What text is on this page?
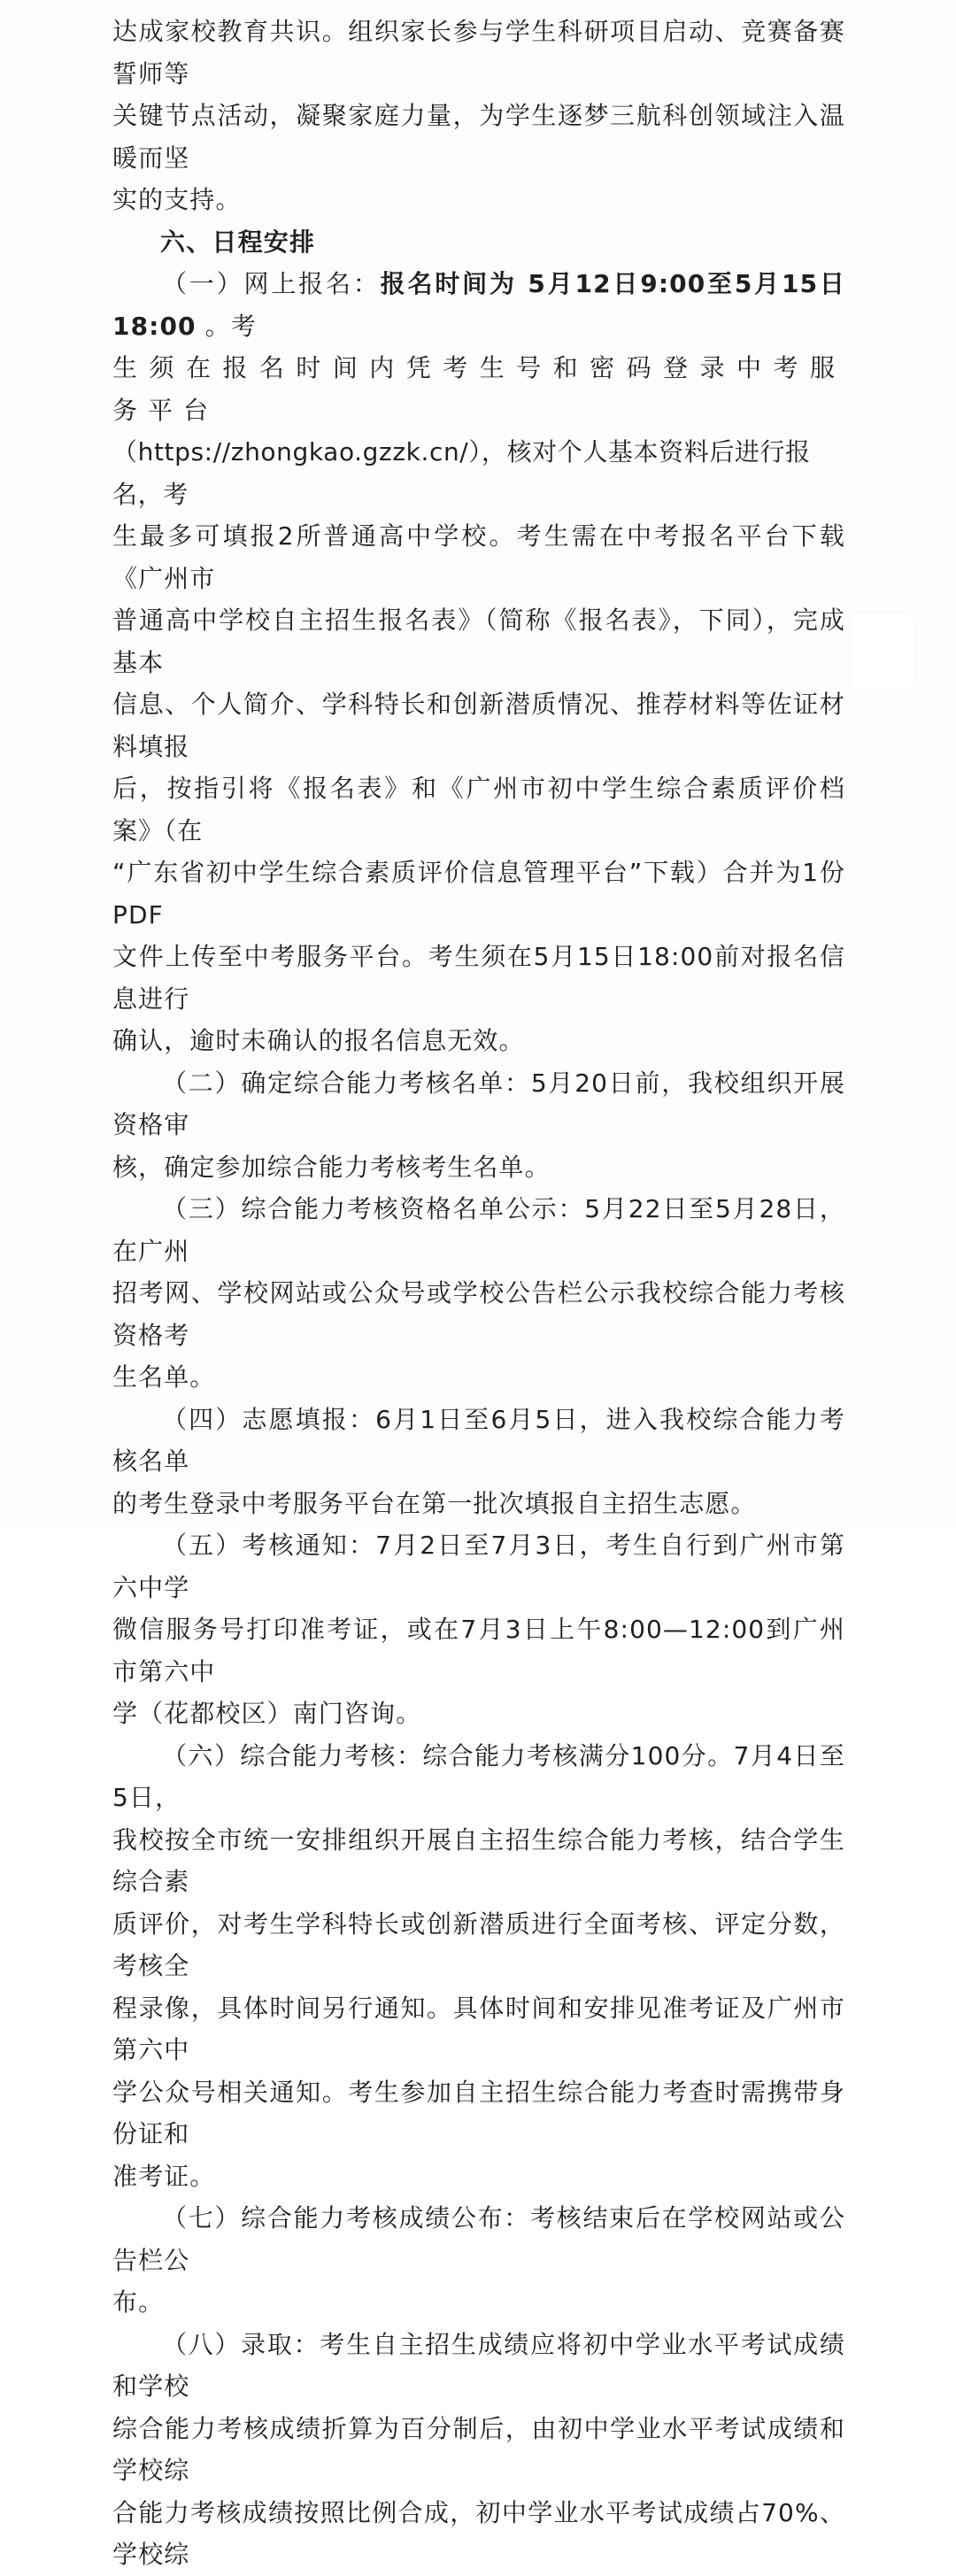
达成家校教育共识。组织家长参与学生科研项目启动、竞赛备赛誓师等

关键节点活动，凝聚家庭力量，为学生逐梦三航科创领域注入温暖而坚

实的支持。

六、日程安排

（一）网上报名：报名时间为 5月12日9:00至5月15日18:00 。考

生须在报名时间内凭考生号和密码登录中考服务平台

（https://zhongkao.gzzk.cn/），核对个人基本资料后进行报名，考

生最多可填报2所普通高中学校。考生需在中考报名平台下载《广州市

普通高中学校自主招生报名表》（简称《报名表》，下同），完成基本

信息、个人简介、学科特长和创新潜质情况、推荐材料等佐证材料填报

后，按指引将《报名表》和《广州市初中学生综合素质评价档案》（在

“广东省初中学生综合素质评价信息管理平台”下载）合并为1份PDF

文件上传至中考服务平台。考生须在5月15日18:00前对报名信息进行

确认，逾时未确认的报名信息无效。

（二）确定综合能力考核名单：5月20日前，我校组织开展资格审

核，确定参加综合能力考核考生名单。

（三）综合能力考核资格名单公示：5月22日至5月28日，在广州

招考网、学校网站或公众号或学校公告栏公示我校综合能力考核资格考

生名单。

（四）志愿填报：6月1日至6月5日，进入我校综合能力考核名单

的考生登录中考服务平台在第一批次填报自主招生志愿。

（五）考核通知：7月2日至7月3日，考生自行到广州市第六中学

微信服务号打印准考证，或在7月3日上午8:00—12:00到广州市第六中

学（花都校区）南门咨询。

（六）综合能力考核：综合能力考核满分100分。7月4日至5日，

我校按全市统一安排组织开展自主招生综合能力考核，结合学生综合素

质评价，对考生学科特长或创新潜质进行全面考核、评定分数，考核全

程录像，具体时间另行通知。具体时间和安排见准考证及广州市第六中

学公众号相关通知。考生参加自主招生综合能力考查时需携带身份证和

准考证。

（七）综合能力考核成绩公布：考核结束后在学校网站或公告栏公

布。

（八）录取：考生自主招生成绩应将初中学业水平考试成绩和学校

综合能力考核成绩折算为百分制后，由初中学业水平考试成绩和学校综

合能力考核成绩按照比例合成，初中学业水平考试成绩占70%、学校综
